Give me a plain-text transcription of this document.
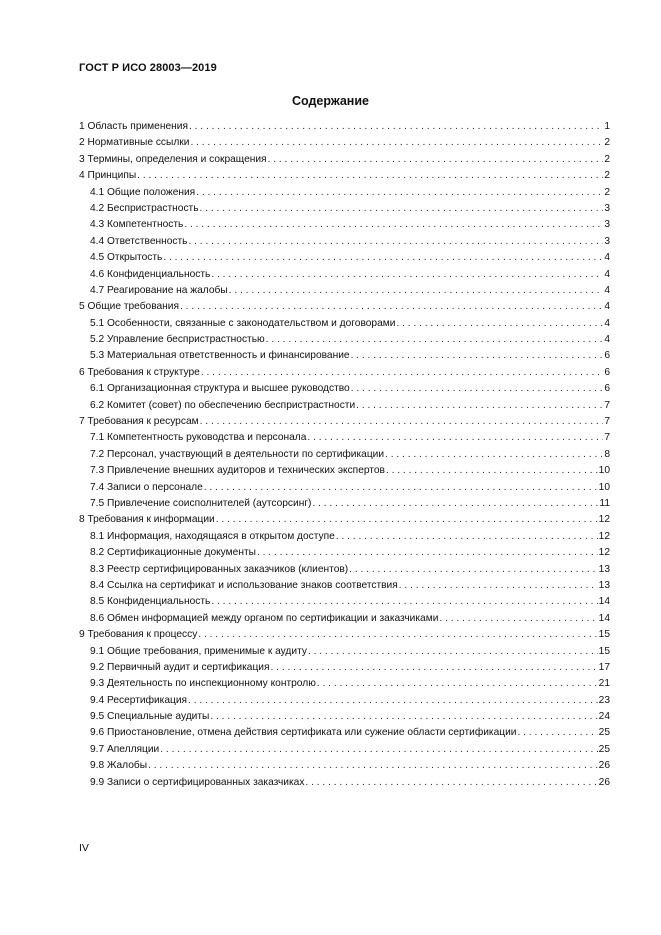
ГОСТ Р ИСО 28003—2019
Содержание
1 Область применения . . .	1
2 Нормативные ссылки . . .	2
3 Термины, определения и сокращения . . .	2
4 Принципы . . .	2
4.1 Общие положения . . .	2
4.2 Беспристрастность . . .	3
4.3 Компетентность . . .	3
4.4 Ответственность . . .	3
4.5 Открытость . . .	4
4.6 Конфиденциальность . . .	4
4.7 Реагирование на жалобы . . .	4
5 Общие требования . . .	4
5.1 Особенности, связанные с законодательством и договорами . . .	4
5.2 Управление беспристрастностью . . .	4
5.3 Материальная ответственность и финансирование . . .	6
6 Требования к структуре . . .	6
6.1 Организационная структура и высшее руководство . . .	6
6.2 Комитет (совет) по обеспечению беспристрастности . . .	7
7 Требования к ресурсам . . .	7
7.1 Компетентность руководства и персонала . . .	7
7.2 Персонал, участвующий в деятельности по сертификации . . .	8
7.3 Привлечение внешних аудиторов и технических экспертов . . .	10
7.4 Записи о персонале . . .	10
7.5 Привлечение соисполнителей (аутсорсинг) . . .	11
8 Требования к информации . . .	12
8.1 Информация, находящаяся в открытом доступе . . .	12
8.2 Сертификационные документы . . .	12
8.3 Реестр сертифицированных заказчиков (клиентов) . . .	13
8.4 Ссылка на сертификат и использование знаков соответствия . . .	13
8.5 Конфиденциальность . . .	14
8.6 Обмен информацией между органом по сертификации и заказчиками . . .	14
9 Требования к процессу . . .	15
9.1 Общие требования, применимые к аудиту . . .	15
9.2 Первичный аудит и сертификация . . .	17
9.3 Деятельность по инспекционному контролю . . .	21
9.4 Ресертификация . . .	23
9.5 Специальные аудиты . . .	24
9.6 Приостановление, отмена действия сертификата или сужение области сертификации . . .	25
9.7 Апелляции . . .	25
9.8 Жалобы . . .	26
9.9 Записи о сертифицированных заказчиках . . .	26
IV
